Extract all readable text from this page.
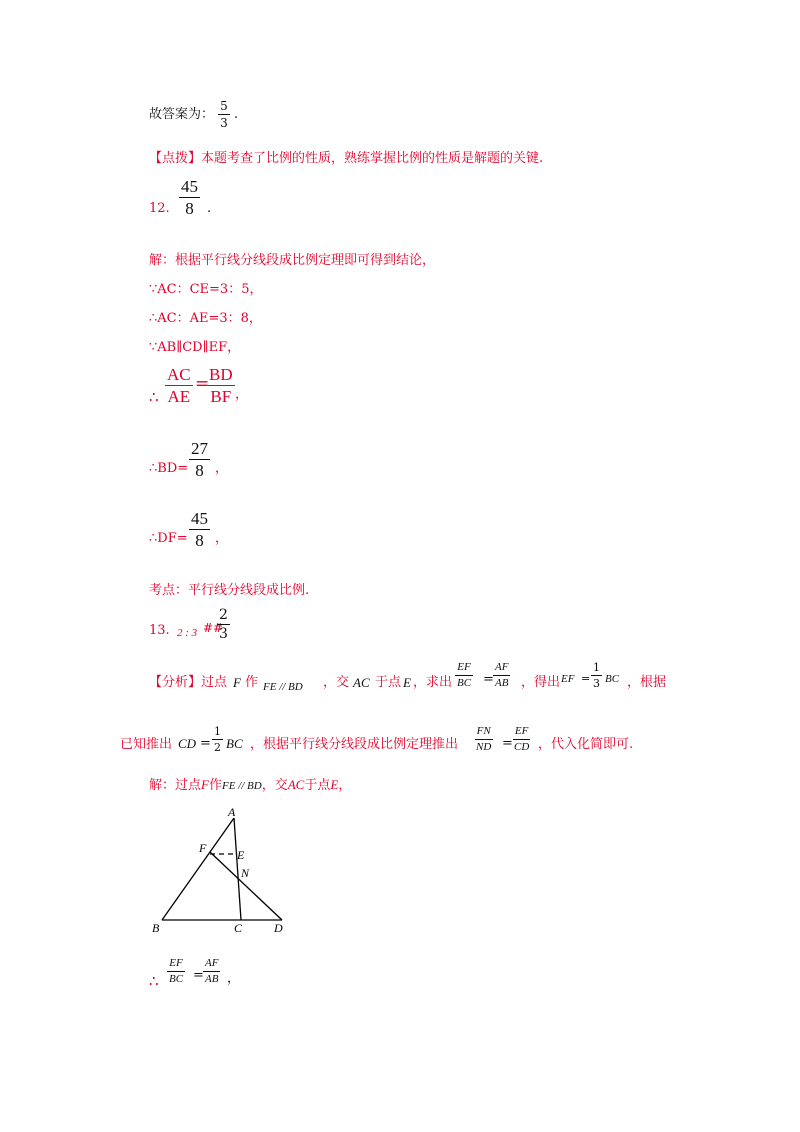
故答案为： $\frac{5}{3}$ .
【点拨】本题考查了比例的性质，熟练掌握比例的性质是解题的关键.
12. $\frac{45}{8}$ .
解：根据平行线分线段成比例定理即可得到结论，
∵AC：CE=3：5，
∴AC：AE=3：8，
∵AB∥CD∥EF，
∴ $\frac{AC}{AE}$ =
$\frac{BD}{BF}$ ，
∴BD= $\frac{27}{8}$ ，
∴DF= $\frac{45}{8}$ ，
考点：平行线分线段成比例.
13. 2 : 3 ##
$\frac{2}{3}$
【分析】过点 F 作 FE // BD ，交 AC 于点 E ，求出 $\frac{EF}{BC} = \frac{AF}{AB}$ ，得出 EF = $\frac{1}{3}$ BC ，根据
已知推出 CD = $\frac{1}{2}$ BC ，根据平行线分线段成比例定理推出 $\frac{FN}{ND} = \frac{EF}{CD}$ ，代入化简即可.
解：过点F作FE // BD，交AC于点E，
A
F	E
N
B	C	D
∴ $\frac{EF}{BC} = \frac{AF}{AB}$ ，
